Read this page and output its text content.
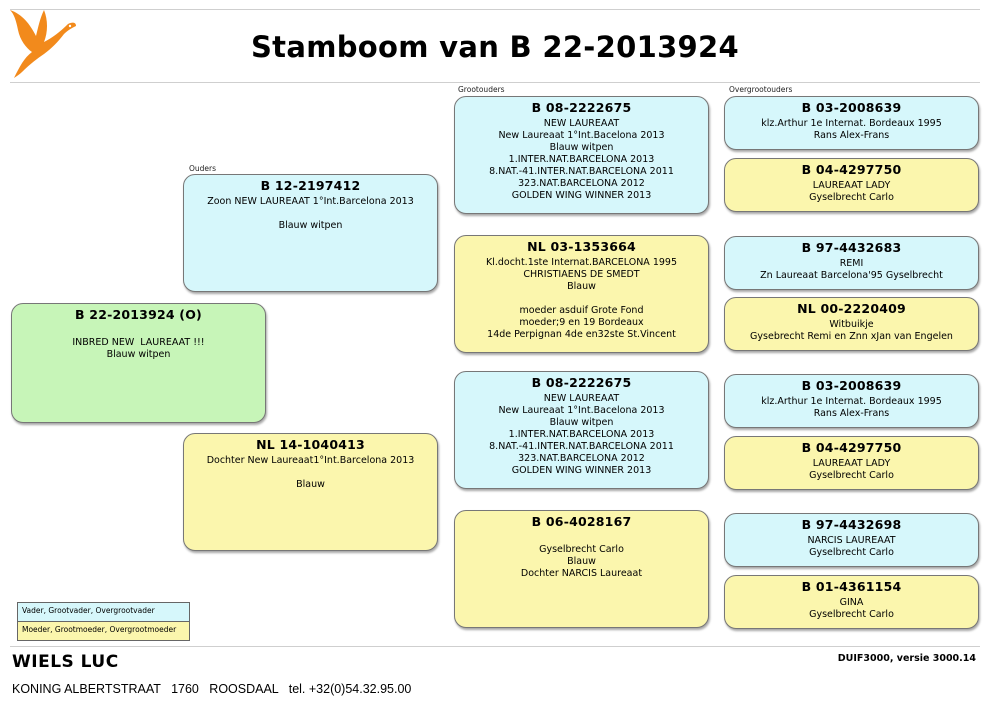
Stamboom van B 22-2013924
Ouders
Grootouders	Overgrootouders
B 22-2013924 (O)
INBRED NEW  LAUREAAT !!!
Blauw witpen
B 12-2197412
Zoon NEW LAUREAAT 1°Int.Barcelona 2013
Blauw witpen
NL 14-1040413
Dochter New Laureaat1°Int.Barcelona 2013
Blauw
B 08-2222675
NEW LAUREAAT
New Laureaat 1°Int.Bacelona 2013
Blauw witpen
1.INTER.NAT.BARCELONA 2013
8.NAT.-41.INTER.NAT.BARCELONA 2011
323.NAT.BARCELONA 2012
GOLDEN WING WINNER 2013
NL 03-1353664
Kl.docht.1ste Internat.BARCELONA 1995
CHRISTIAENS DE SMEDT
Blauw
moeder asduif Grote Fond
moeder;9 en 19 Bordeaux
14de Perpignan 4de en32ste St.Vincent
B 08-2222675
NEW LAUREAAT
New Laureaat 1°Int.Bacelona 2013
Blauw witpen
1.INTER.NAT.BARCELONA 2013
8.NAT.-41.INTER.NAT.BARCELONA 2011
323.NAT.BARCELONA 2012
GOLDEN WING WINNER 2013
B 06-4028167
Gyselbrecht Carlo
Blauw
Dochter NARCIS Laureaat
B 03-2008639
klz.Arthur 1e Internat. Bordeaux 1995
Rans Alex-Frans
B 04-4297750
LAUREAAT LADY
Gyselbrecht Carlo
B 97-4432683
REMI
Zn Laureaat Barcelona'95 Gyselbrecht
NL 00-2220409
Witbuikje
Gysebrecht Remi en Znn xJan van Engelen
B 03-2008639
klz.Arthur 1e Internat. Bordeaux 1995
Rans Alex-Frans
B 04-4297750
LAUREAAT LADY
Gyselbrecht Carlo
B 97-4432698
NARCIS LAUREAAT
Gyselbrecht Carlo
B 01-4361154
GINA
Gyselbrecht Carlo
Vader, Grootvader, Overgrootvader
Moeder, Grootmoeder, Overgrootmoeder
WIELS LUC
KONING ALBERTSTRAAT   1760   ROOSDAAL   tel. +32(0)54.32.95.00
DUIF3000, versie 3000.14
